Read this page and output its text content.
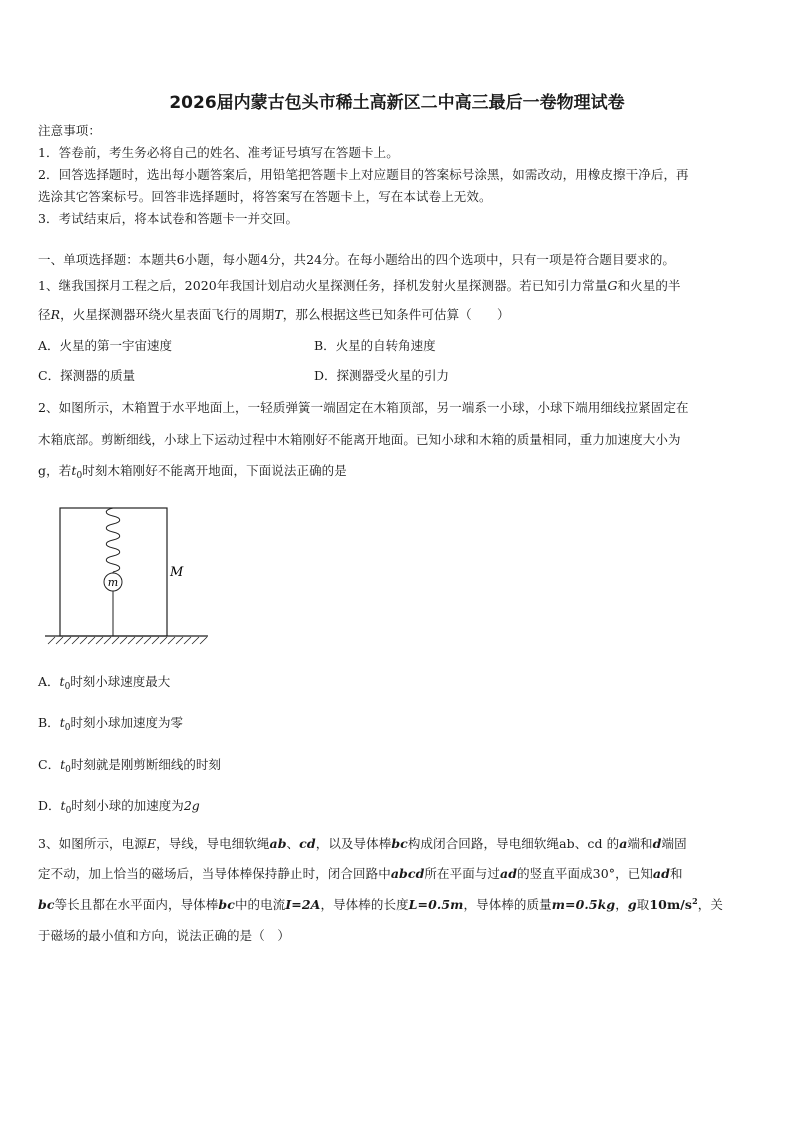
2026届内蒙古包头市稀土高新区二中高三最后一卷物理试卷
注意事项：
1．答卷前，考生务必将自己的姓名、准考证号填写在答题卡上。
2．回答选择题时，选出每小题答案后，用铅笔把答题卡上对应题目的答案标号涂黑，如需改动，用橡皮擦干净后，再
选涂其它答案标号。回答非选择题时，将答案写在答题卡上，写在本试卷上无效。
3．考试结束后，将本试卷和答题卡一并交回。
一、单项选择题：本题共6小题，每小题4分，共24分。在每小题给出的四个选项中，只有一项是符合题目要求的。
1、继我国探月工程之后，2020年我国计划启动火星探测任务，择机发射火星探测器。若已知引力常量G和火星的半
径R，火星探测器环绕火星表面飞行的周期T，那么根据这些已知条件可估算（　　）
A．火星的第一宇宙速度	B．火星的自转角速度
C．探测器的质量	D．探测器受火星的引力
2、如图所示，木箱置于水平地面上，一轻质弹簧一端固定在木箱顶部，另一端系一小球，小球下端用细线拉紧固定在
木箱底部。剪断细线，小球上下运动过程中木箱刚好不能离开地面。已知小球和木箱的质量相同，重力加速度大小为
g，若$t_0$时刻木箱刚好不能离开地面，下面说法正确的是
m
M
A．$t_0$时刻小球速度最大
B．$t_0$时刻小球加速度为零
C．$t_0$时刻就是刚剪断细线的时刻
D．$t_0$时刻小球的加速度为2g
3、如图所示，电源E，导线，导电细软绳ab、cd，以及导体棒bc构成闭合回路，导电细软绳ab、cd 的a端和d端固
定不动，加上恰当的磁场后，当导体棒保持静止时，闭合回路中abcd所在平面与过ad的竖直平面成30°，已知ad和
bc等长且都在水平面内，导体棒bc中的电流I=2A，导体棒的长度L=0.5m，导体棒的质量m=0.5kg，g取$10m/s^2$，关
于磁场的最小值和方向，说法正确的是（　）
